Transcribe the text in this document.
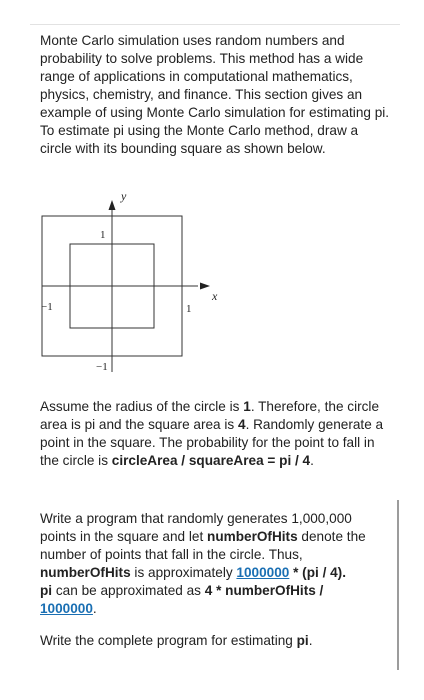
Monte Carlo simulation uses random numbers and probability to solve problems. This method has a wide range of applications in computational mathematics, physics, chemistry, and finance. This section gives an example of using Monte Carlo simulation for estimating pi. To estimate pi using the Monte Carlo method, draw a circle with its bounding square as shown below.

y
x
1
1
−1
−1

Assume the radius of the circle is 1. Therefore, the circle area is pi and the square area is 4. Randomly generate a point in the square. The probability for the point to fall in the circle is circleArea / squareArea = pi / 4.

Write a program that randomly generates 1,000,000 points in the square and let numberOfHits denote the number of points that fall in the circle. Thus, numberOfHits is approximately 1000000 * (pi / 4).
pi can be approximated as 4 * numberOfHits /
1000000.

Write the complete program for estimating pi.
